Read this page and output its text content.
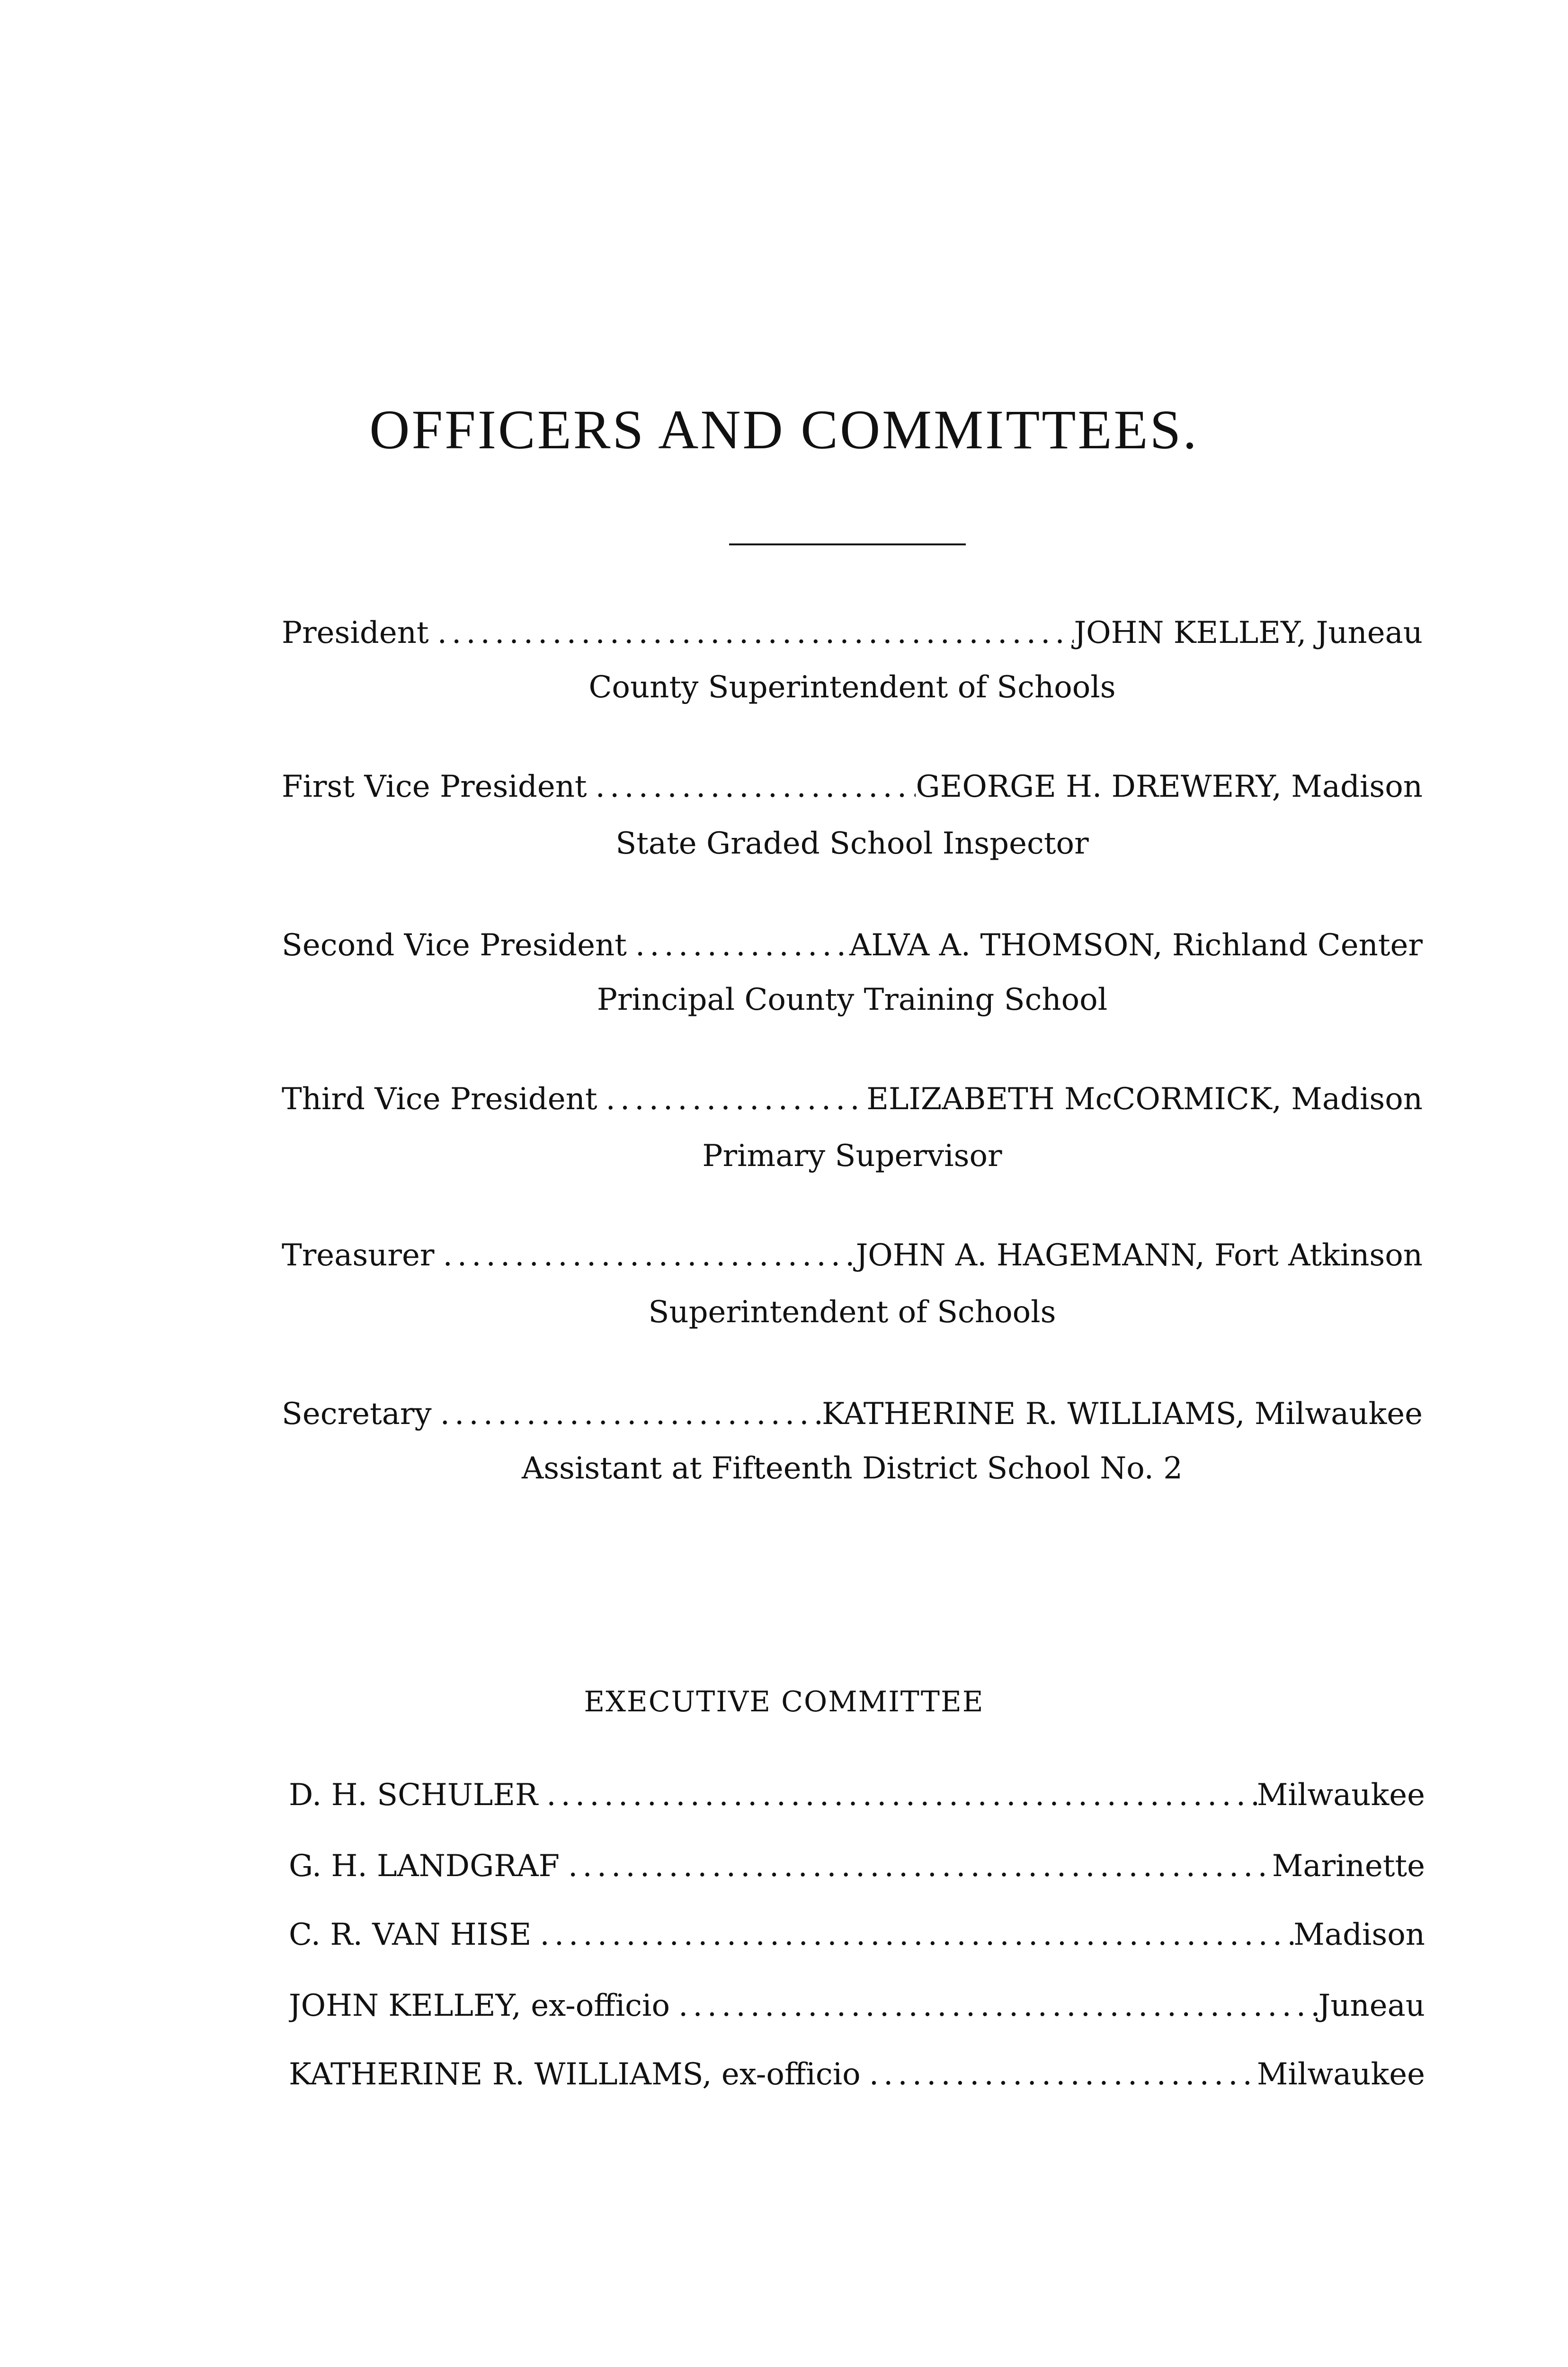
OFFICERS AND COMMITTEES.
President .....	JOHN KELLEY, Juneau
County Superintendent of Schools
First Vice President .....	GEORGE H. DREWERY, Madison
State Graded School Inspector
Second Vice President .....	ALVA A. THOMSON, Richland Center
Principal County Training School
Third Vice President .....	ELIZABETH McCORMICK, Madison
Primary Supervisor
Treasurer .....	JOHN A. HAGEMANN, Fort Atkinson
Superintendent of Schools
Secretary .....	KATHERINE R. WILLIAMS, Milwaukee
Assistant at Fifteenth District School No. 2
EXECUTIVE COMMITTEE
D. H. SCHULER .....	Milwaukee
G. H. LANDGRAF .....	Marinette
C. R. VAN HISE .....	Madison
JOHN KELLEY, ex-officio .....	Juneau
KATHERINE R. WILLIAMS, ex-officio .....	Milwaukee
